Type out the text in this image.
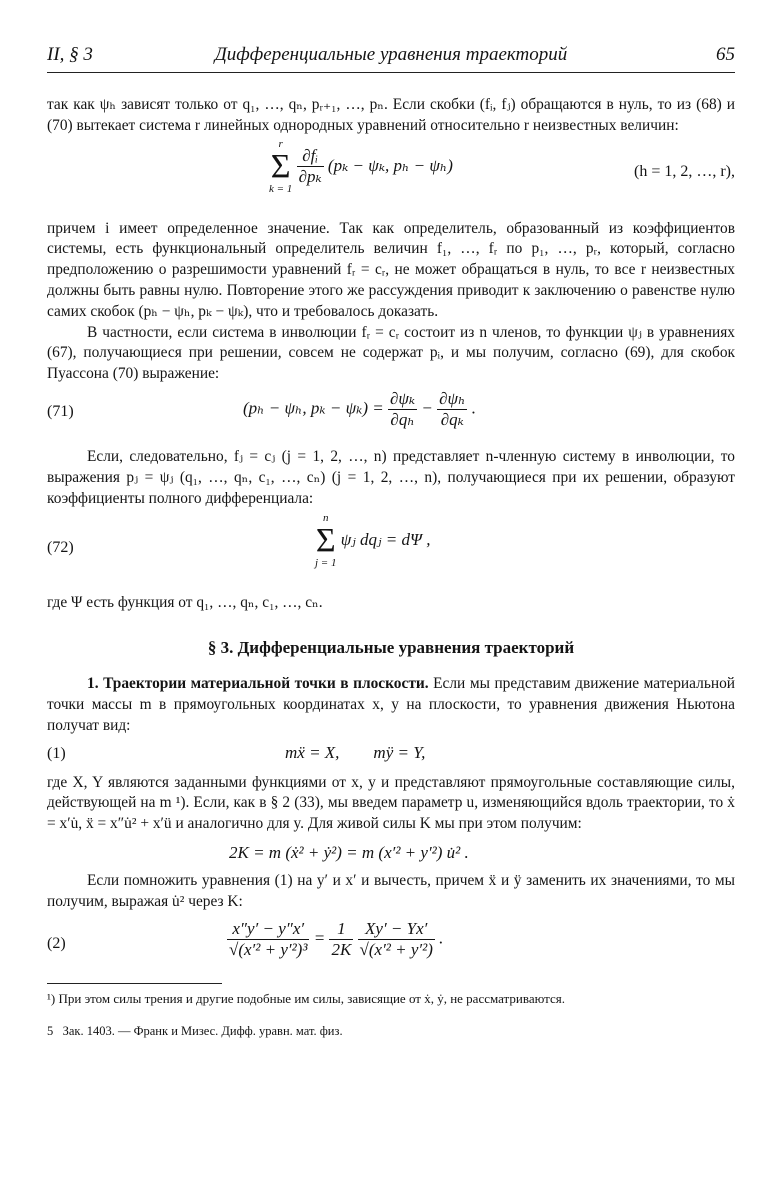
II, § 3	Дифференциальные уравнения траекторий	65

так как ψₕ зависят только от q₁, …, qₙ, pᵣ₊₁, …, pₙ. Если скобки (fᵢ, fⱼ) обращаются в нуль, то из (68) и (70) вытекает система r линейных однородных уравнений относительно r неизвестных величин:

r
Σ
k = 1

$\frac{\text{∂fᵢ}}{\text{∂pₖ}} (p_k - \psi_k$, pₕ − ψₕ)	(h = 1, 2, …, r),

причем i имеет определенное значение. Так как определитель, образованный из коэффициентов системы, есть функциональный определитель величин f₁, …, fᵣ по p₁, …, pᵣ, который, согласно предположению о разрешимости уравнений fᵣ = cᵣ, не может обращаться в нуль, то все r неизвестных должны быть равны нулю. Повторение этого же рассуждения приводит к заключению о равенстве нулю самих скобок (pₕ − ψₕ, pₖ − ψₖ), что и требовалось доказать.

В частности, если система в инволюции fᵣ = cᵣ состоит из n членов, то функции ψⱼ в уравнениях (67), получающиеся при решении, совсем не содержат pᵢ, и мы получим, согласно (69), для скобок Пуассона (70) выражение:

(71)	(pₕ − ψₕ, $p_k - \psi_k) = \frac{\text{∂ψₖ}}{\text{∂qₕ}} - \frac{\text{∂ψₕ}}{\text{∂qₖ}}$ .

Если, следовательно, fⱼ = cⱼ (j = 1, 2, …, n) представляет n-членную систему в инволюции, то выражения pⱼ = ψⱼ (q₁, …, qₙ, c₁, …, cₙ) (j = 1, 2, …, n), получающиеся при их решении, образуют коэффициенты полного дифференциала:

(72)
n
Σ
j = 1
ψⱼ dqⱼ = dΨ ,

где Ψ есть функция от q₁, …, qₙ, c₁, …, cₙ.

§ 3. Дифференциальные уравнения траекторий

1. Траектории материальной точки в плоскости. Если мы представим движение материальной точки массы m в прямоугольных координатах x, y на плоскости, то уравнения движения Ньютона получат вид:

(1)	mẍ = X,        mÿ = Y,

где X, Y являются заданными функциями от x, y и представляют прямоугольные составляющие силы, действующей на m ¹). Если, как в § 2 (33), мы введем параметр u, изменяющийся вдоль траектории, то ẋ = x′u̇, ẍ = x″u̇² + x′ü и аналогично для y. Для живой силы K мы при этом получим:

2K = m (ẋ² + ẏ²) = m (x′² + y′²) u̇² .

Если помножить уравнения (1) на y′ и x′ и вычесть, причем ẍ и ÿ заменить их значениями, то мы получим, выражая u̇² через K:

(2)	$\frac{x''y' - y''x'}{\text{√(x′² + y′²)³}} = \frac{1}{2K}$
$\frac{Xy' - Yx'}{\text{√(x′² + y′²)}}$ .

¹) При этом силы трения и другие подобные им силы, зависящие от ẋ, ẏ, не рассматриваются.

5   Зак. 1403. — Франк и Мизес. Дифф. уравн. мат. физ.
